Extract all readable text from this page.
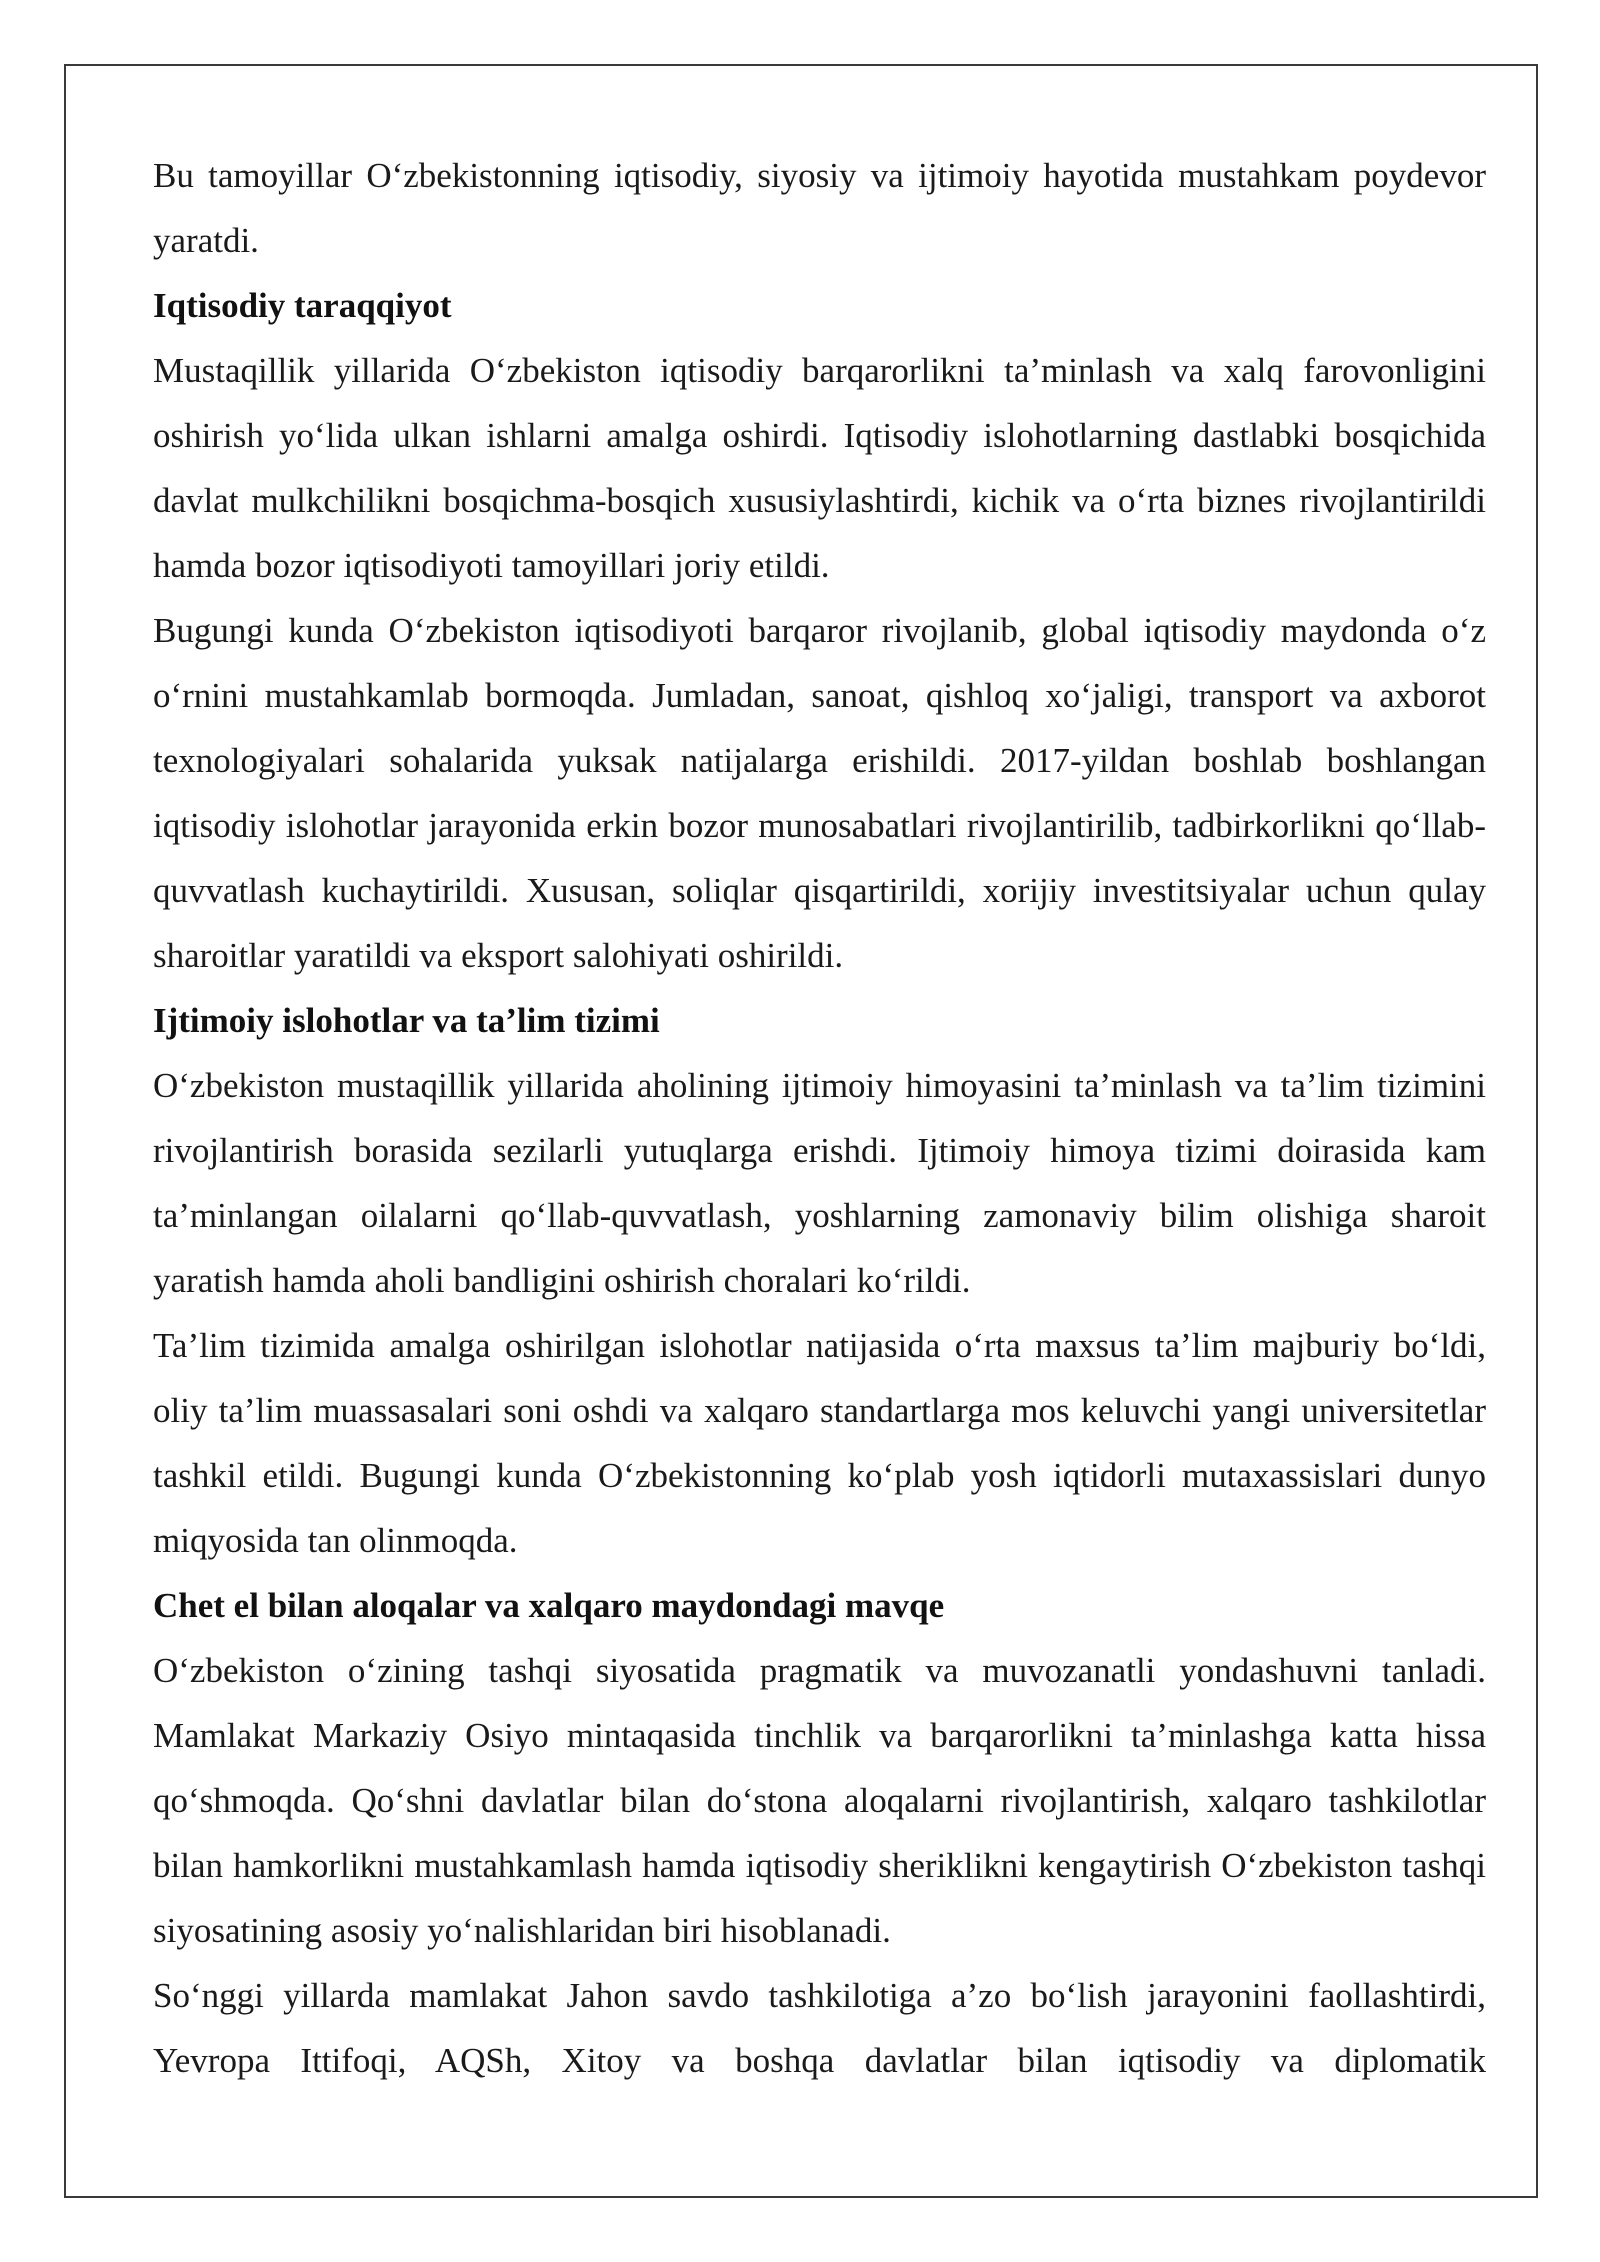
Bu tamoyillar O‘zbekistonning iqtisodiy, siyosiy va ijtimoiy hayotida mustahkam poydevor yaratdi.

Iqtisodiy taraqqiyot

Mustaqillik yillarida O‘zbekiston iqtisodiy barqarorlikni ta’minlash va xalq farovonligini oshirish yo‘lida ulkan ishlarni amalga oshirdi. Iqtisodiy islohotlarning dastlabki bosqichida davlat mulkchilikni bosqichma-bosqich xususiylashtirdi, kichik va o‘rta biznes rivojlantirildi hamda bozor iqtisodiyoti tamoyillari joriy etildi.

Bugungi kunda O‘zbekiston iqtisodiyoti barqaror rivojlanib, global iqtisodiy maydonda o‘z o‘rnini mustahkamlab bormoqda. Jumladan, sanoat, qishloq xo‘jaligi, transport va axborot texnologiyalari sohalarida yuksak natijalarga erishildi. 2017-yildan boshlab boshlangan iqtisodiy islohotlar jarayonida erkin bozor munosabatlari rivojlantirilib, tadbirkorlikni qo‘llab-quvvatlash kuchaytirildi. Xususan, soliqlar qisqartirildi, xorijiy investitsiyalar uchun qulay sharoitlar yaratildi va eksport salohiyati oshirildi.

Ijtimoiy islohotlar va ta’lim tizimi

O‘zbekiston mustaqillik yillarida aholining ijtimoiy himoyasini ta’minlash va ta’lim tizimini rivojlantirish borasida sezilarli yutuqlarga erishdi. Ijtimoiy himoya tizimi doirasida kam ta’minlangan oilalarni qo‘llab-quvvatlash, yoshlarning zamonaviy bilim olishiga sharoit yaratish hamda aholi bandligini oshirish choralari ko‘rildi.

Ta’lim tizimida amalga oshirilgan islohotlar natijasida o‘rta maxsus ta’lim majburiy bo‘ldi, oliy ta’lim muassasalari soni oshdi va xalqaro standartlarga mos keluvchi yangi universitetlar tashkil etildi. Bugungi kunda O‘zbekistonning ko‘plab yosh iqtidorli mutaxassislari dunyo miqyosida tan olinmoqda.

Chet el bilan aloqalar va xalqaro maydondagi mavqe

O‘zbekiston o‘zining tashqi siyosatida pragmatik va muvozanatli yondashuvni tanladi. Mamlakat Markaziy Osiyo mintaqasida tinchlik va barqarorlikni ta’minlashga katta hissa qo‘shmoqda. Qo‘shni davlatlar bilan do‘stona aloqalarni rivojlantirish, xalqaro tashkilotlar bilan hamkorlikni mustahkamlash hamda iqtisodiy sheriklikni kengaytirish O‘zbekiston tashqi siyosatining asosiy yo‘nalishlaridan biri hisoblanadi.

So‘nggi yillarda mamlakat Jahon savdo tashkilotiga a’zo bo‘lish jarayonini faollashtirdi, Yevropa Ittifoqi, AQSh, Xitoy va boshqa davlatlar bilan iqtisodiy va diplomatik
